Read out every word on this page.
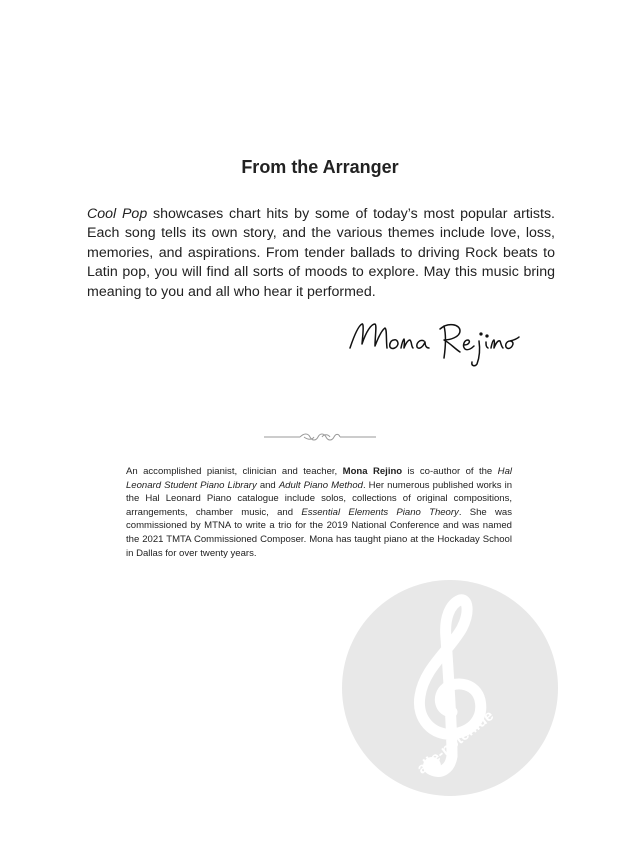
From the Arranger

Cool Pop showcases chart hits by some of today’s most popular artists. Each song tells its own story, and the various themes include love, loss, memories, and aspirations. From tender ballads to driving Rock beats to Latin pop, you will find all sorts of moods to explore. May this music bring meaning to you and all who hear it performed.

An accomplished pianist, clinician and teacher, Mona Rejino is co-author of the Hal Leonard Student Piano Library and Adult Piano Method. Her numerous published works in the Hal Leonard Piano catalogue include solos, collections of original compositions, arrangements, chamber music, and Essential Elements Piano Theory. She was commissioned by MTNA to write a trio for the 2019 National Conference and was named the 2021 TMTA Commissioned Composer. Mona has taught piano at the Hockaday School in Dallas for over twenty years.

alle-noten.de
